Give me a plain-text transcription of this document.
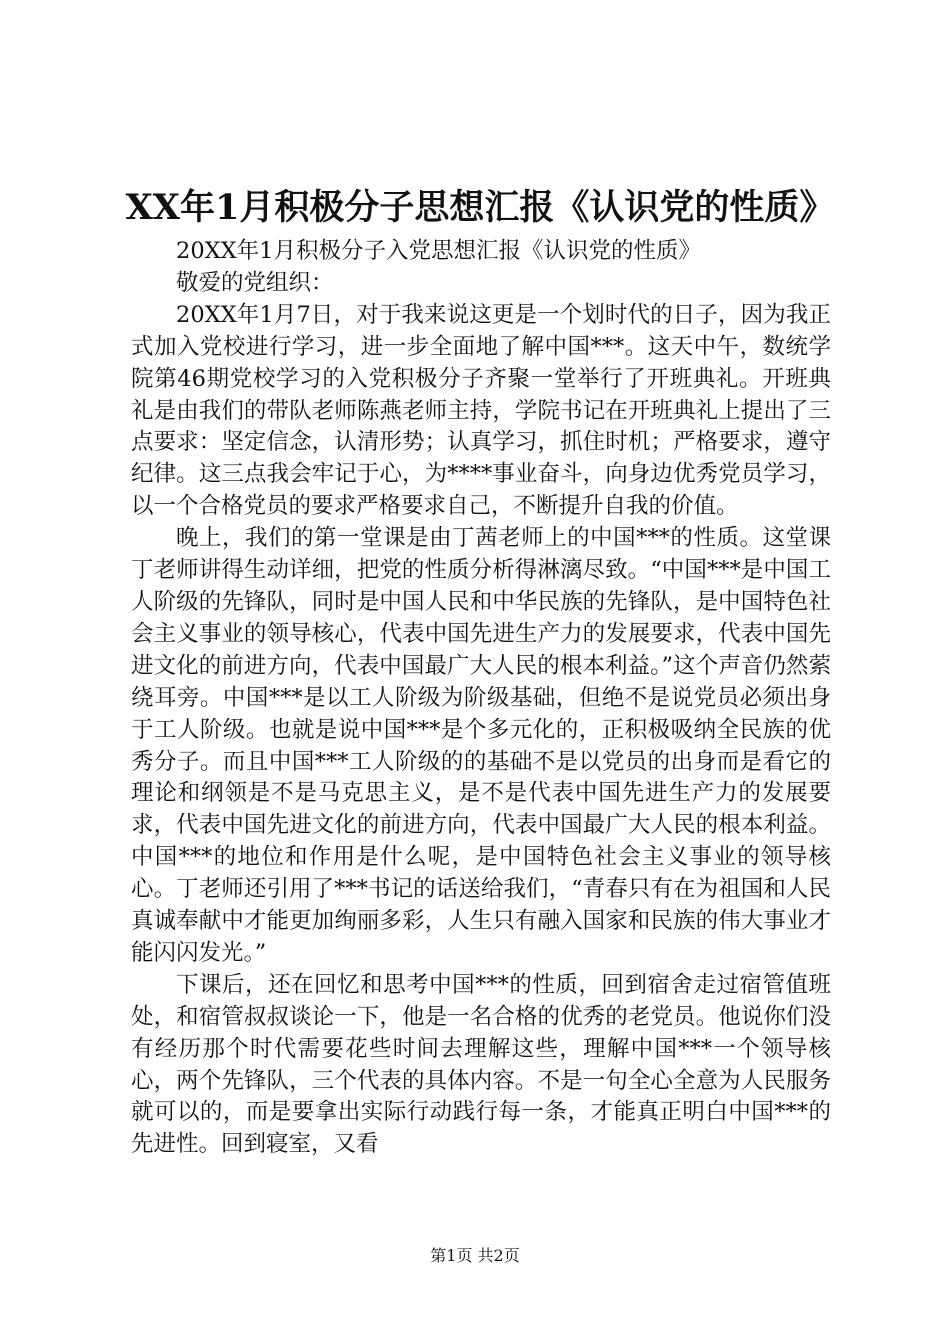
XX年1月积极分子思想汇报《认识党的性质》

20XX年1月积极分子入党思想汇报《认识党的性质》

敬爱的党组织：

20XX年1月7日，对于我来说这更是一个划时代的日子，因为我正式加入党校进行学习，进一步全面地了解中国***。这天中午，数统学院第46期党校学习的入党积极分子齐聚一堂举行了开班典礼。开班典礼是由我们的带队老师陈燕老师主持，学院书记在开班典礼上提出了三点要求：坚定信念，认清形势；认真学习，抓住时机；严格要求，遵守纪律。这三点我会牢记于心，为****事业奋斗，向身边优秀党员学习，以一个合格党员的要求严格要求自己，不断提升自我的价值。

晚上，我们的第一堂课是由丁茜老师上的中国***的性质。这堂课丁老师讲得生动详细，把党的性质分析得淋漓尽致。“中国***是中国工人阶级的先锋队，同时是中国人民和中华民族的先锋队，是中国特色社会主义事业的领导核心，代表中国先进生产力的发展要求，代表中国先进文化的前进方向，代表中国最广大人民的根本利益。”这个声音仍然萦绕耳旁。中国***是以工人阶级为阶级基础，但绝不是说党员必须出身于工人阶级。也就是说中国***是个多元化的，正积极吸纳全民族的优秀分子。而且中国***工人阶级的的基础不是以党员的出身而是看它的理论和纲领是不是马克思主义，是不是代表中国先进生产力的发展要求，代表中国先进文化的前进方向，代表中国最广大人民的根本利益。中国***的地位和作用是什么呢，是中国特色社会主义事业的领导核心。丁老师还引用了***书记的话送给我们，“青春只有在为祖国和人民真诚奉献中才能更加绚丽多彩，人生只有融入国家和民族的伟大事业才能闪闪发光。”

下课后，还在回忆和思考中国***的性质，回到宿舍走过宿管值班处，和宿管叔叔谈论一下，他是一名合格的优秀的老党员。他说你们没有经历那个时代需要花些时间去理解这些，理解中国***一个领导核心，两个先锋队，三个代表的具体内容。不是一句全心全意为人民服务就可以的，而是要拿出实际行动践行每一条，才能真正明白中国***的先进性。回到寝室，又看

第1页 共2页
